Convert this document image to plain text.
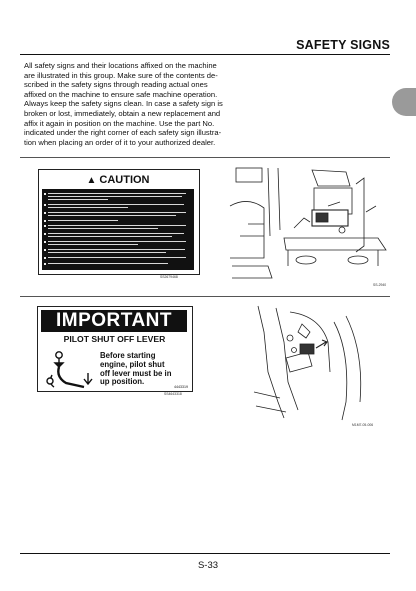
SAFETY SIGNS

All safety signs and their locations affixed on the machine

are illustrated in this group. Make sure of the contents de-

scribed in the safety signs through reading actual ones

affixed on the machine to ensure safe machine operation.

Always keep the safety signs clean. In case a safety sign is

broken or lost, immediately, obtain a new replacement and

affix it again in position on the machine. Use the part No.

indicated under the right corner of each safety sign illustra-

tion when placing an order of it to your authorized dealer.

▲ CAUTION
SS2679468
SS-2940
IMPORTANT
PILOT SHUT OFF LEVER
Before starting
engine, pilot shut
off lever must be in
up position.
4443319
SS4643318
M1M7-05-006
S-33
